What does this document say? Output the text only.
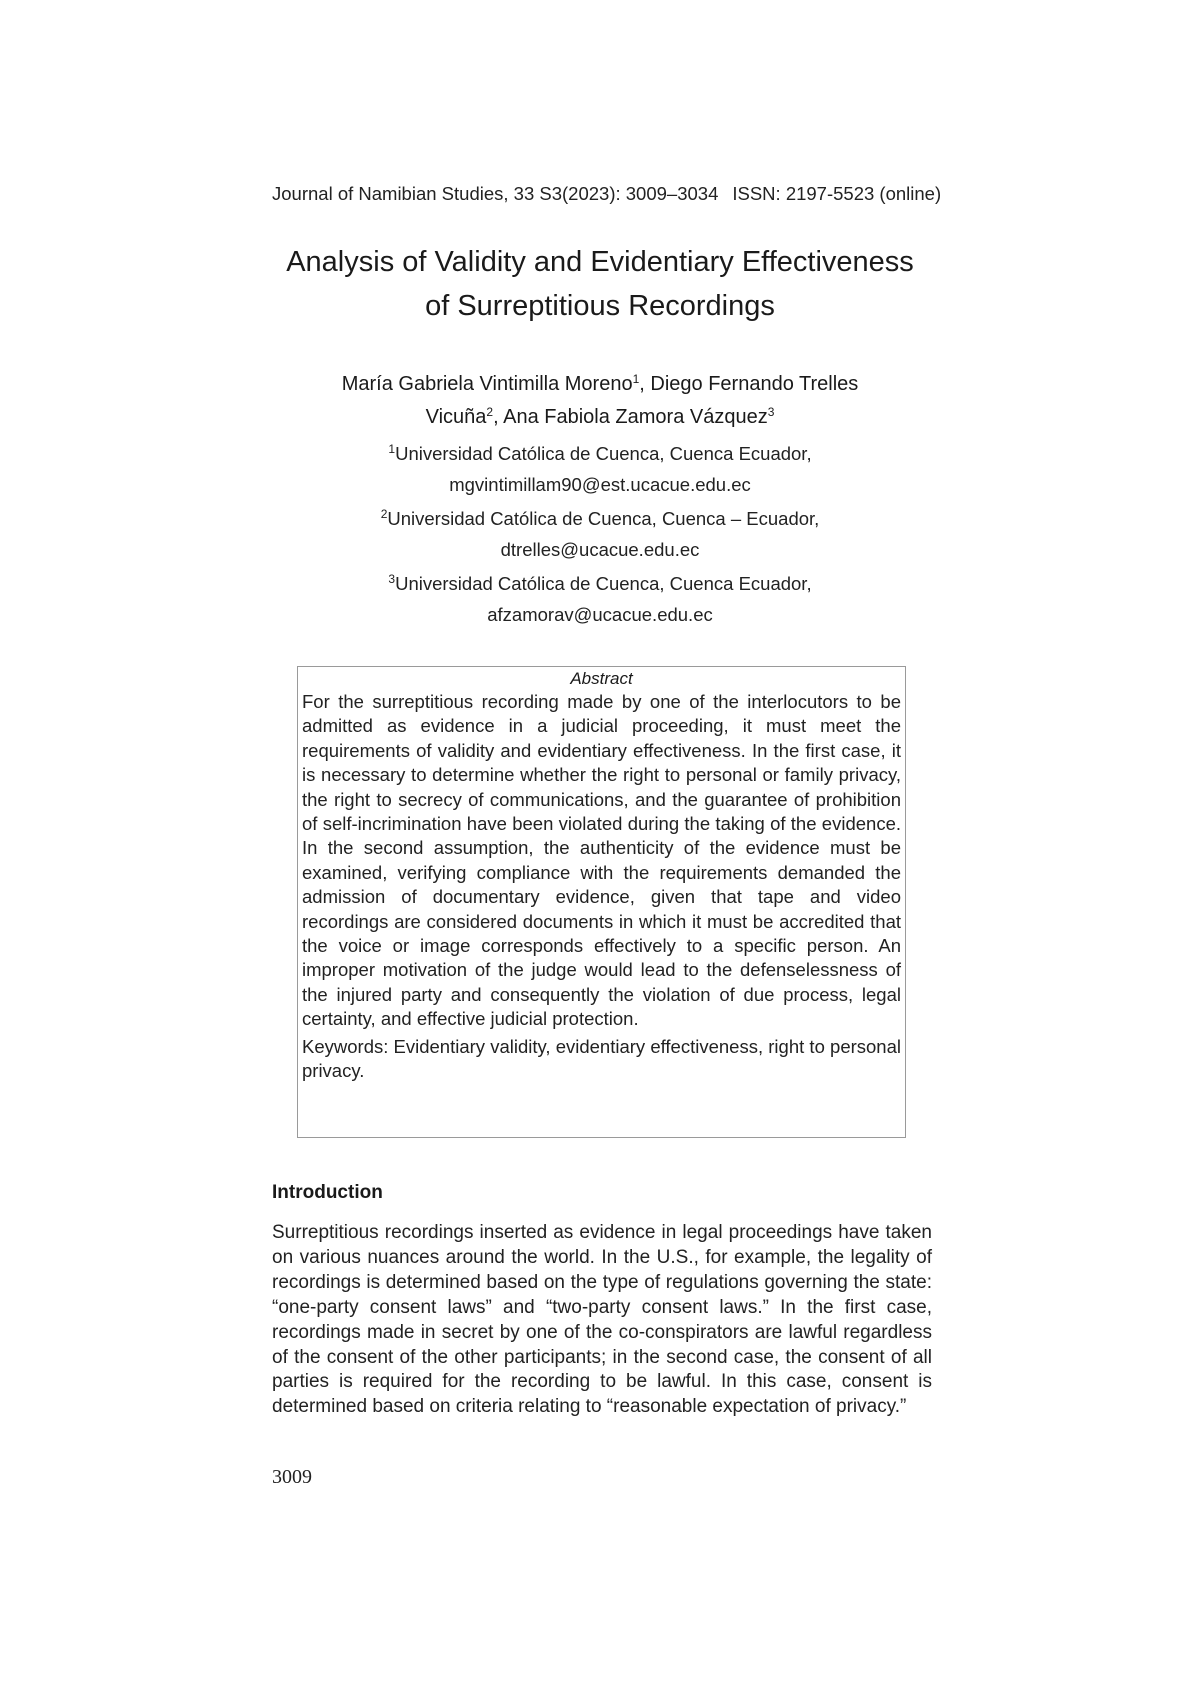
Journal of Namibian Studies, 33 S3(2023): 3009–3034 ISSN: 2197-5523 (online)
Analysis of Validity and Evidentiary Effectiveness
of Surreptitious Recordings
María Gabriela Vintimilla Moreno$^1$, Diego Fernando Trelles
Vicuña$^2$, Ana Fabiola Zamora Vázquez$^3$
$^1$Universidad Católica de Cuenca, Cuenca Ecuador,
mgvintimillam90@est.ucacue.edu.ec
$^2$Universidad Católica de Cuenca, Cuenca – Ecuador,
dtrelles@ucacue.edu.ec
$^3$Universidad Católica de Cuenca, Cuenca Ecuador,
afzamorav@ucacue.edu.ec
Abstract

For the surreptitious recording made by one of the interlocutors to be admitted as evidence in a judicial proceeding, it must meet the requirements of validity and evidentiary effectiveness. In the first case, it is necessary to determine whether the right to personal or family privacy, the right to secrecy of communications, and the guarantee of prohibition of self-incrimination have been violated during the taking of the evidence. In the second assumption, the authenticity of the evidence must be examined, verifying compliance with the requirements demanded the admission of documentary evidence, given that tape and video recordings are considered documents in which it must be accredited that the voice or image corresponds effectively to a specific person. An improper motivation of the judge would lead to the defenselessness of the injured party and consequently the violation of due process, legal certainty, and effective judicial protection.

Keywords: Evidentiary validity, evidentiary effectiveness, right to personal privacy.

Introduction

Surreptitious recordings inserted as evidence in legal proceedings have taken on various nuances around the world. In the U.S., for example, the legality of recordings is determined based on the type of regulations governing the state: “one-party consent laws” and “two-party consent laws.” In the first case, recordings made in secret by one of the co-conspirators are lawful regardless of the consent of the other participants; in the second case, the consent of all parties is required for the recording to be lawful. In this case, consent is determined based on criteria relating to “reasonable expectation of privacy.”

3009
